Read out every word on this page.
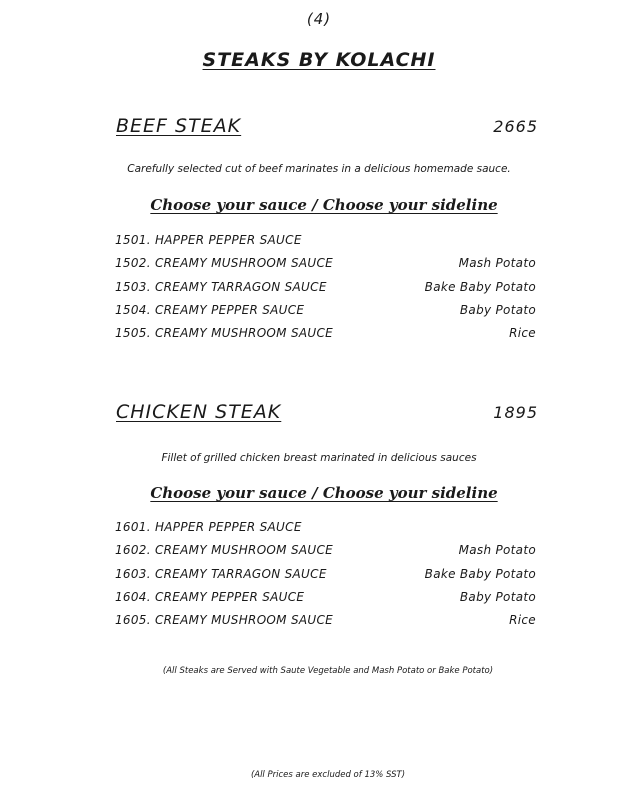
(4)
STEAKS BY KOLACHI
BEEF STEAK	2665
Carefully selected cut of beef marinates in a delicious homemade sauce.
Choose your sauce / Choose your sideline
1501. HAPPER PEPPER SAUCE
1502. CREAMY MUSHROOM SAUCE	Mash Potato
1503. CREAMY TARRAGON SAUCE	Bake Baby Potato
1504. CREAMY PEPPER SAUCE	Baby Potato
1505. CREAMY MUSHROOM SAUCE	Rice
CHICKEN STEAK	1895
Fillet of grilled chicken breast marinated in delicious sauces
Choose your sauce / Choose your sideline
1601. HAPPER PEPPER SAUCE
1602. CREAMY MUSHROOM SAUCE	Mash Potato
1603. CREAMY TARRAGON SAUCE	Bake Baby Potato
1604. CREAMY PEPPER SAUCE	Baby Potato
1605. CREAMY MUSHROOM SAUCE	Rice
(All Steaks are Served with Saute Vegetable and Mash Potato or Bake Potato)
(All Prices are excluded of 13% SST)
